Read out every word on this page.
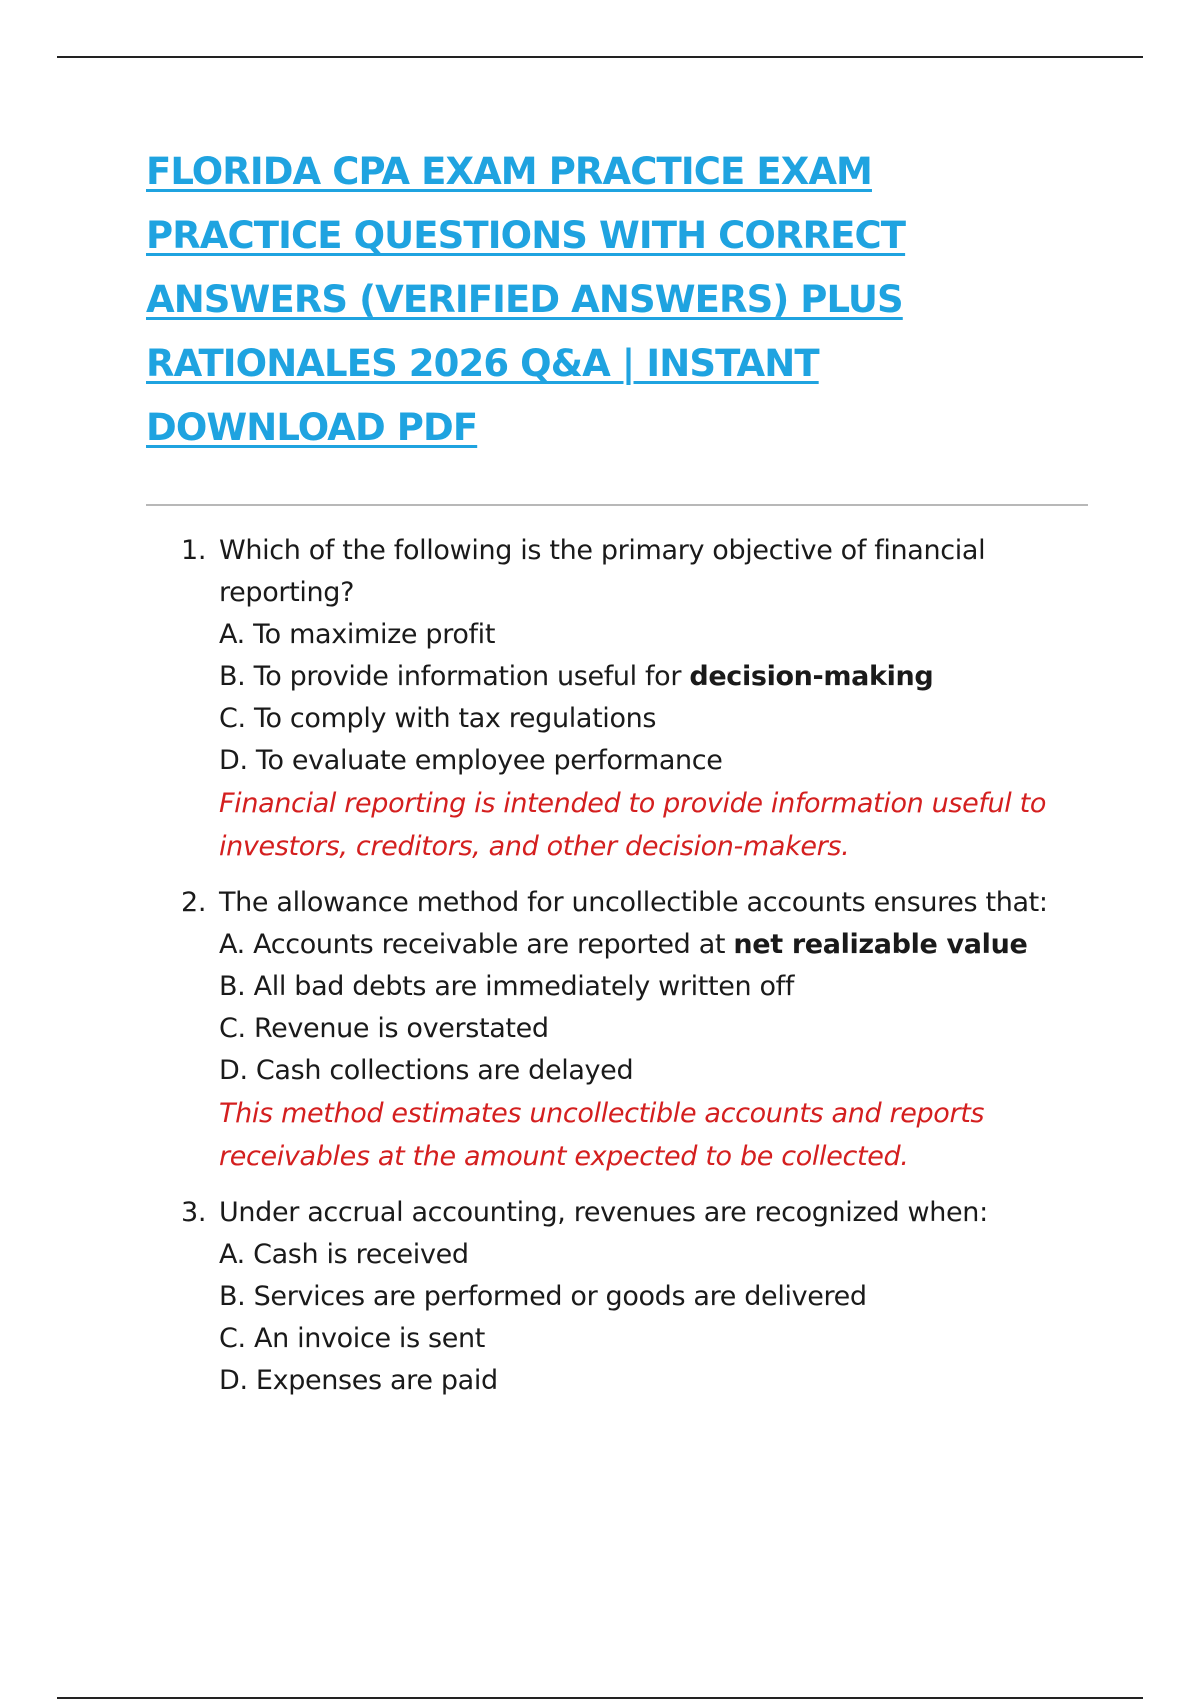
FLORIDA CPA EXAM PRACTICE EXAM PRACTICE QUESTIONS WITH CORRECT ANSWERS (VERIFIED ANSWERS) PLUS RATIONALES 2026 Q&A | INSTANT DOWNLOAD PDF
1. Which of the following is the primary objective of financial reporting?
A. To maximize profit
B. To provide information useful for decision-making
C. To comply with tax regulations
D. To evaluate employee performance
Financial reporting is intended to provide information useful to investors, creditors, and other decision-makers.
2. The allowance method for uncollectible accounts ensures that:
A. Accounts receivable are reported at net realizable value
B. All bad debts are immediately written off
C. Revenue is overstated
D. Cash collections are delayed
This method estimates uncollectible accounts and reports receivables at the amount expected to be collected.
3. Under accrual accounting, revenues are recognized when:
A. Cash is received
B. Services are performed or goods are delivered
C. An invoice is sent
D. Expenses are paid
